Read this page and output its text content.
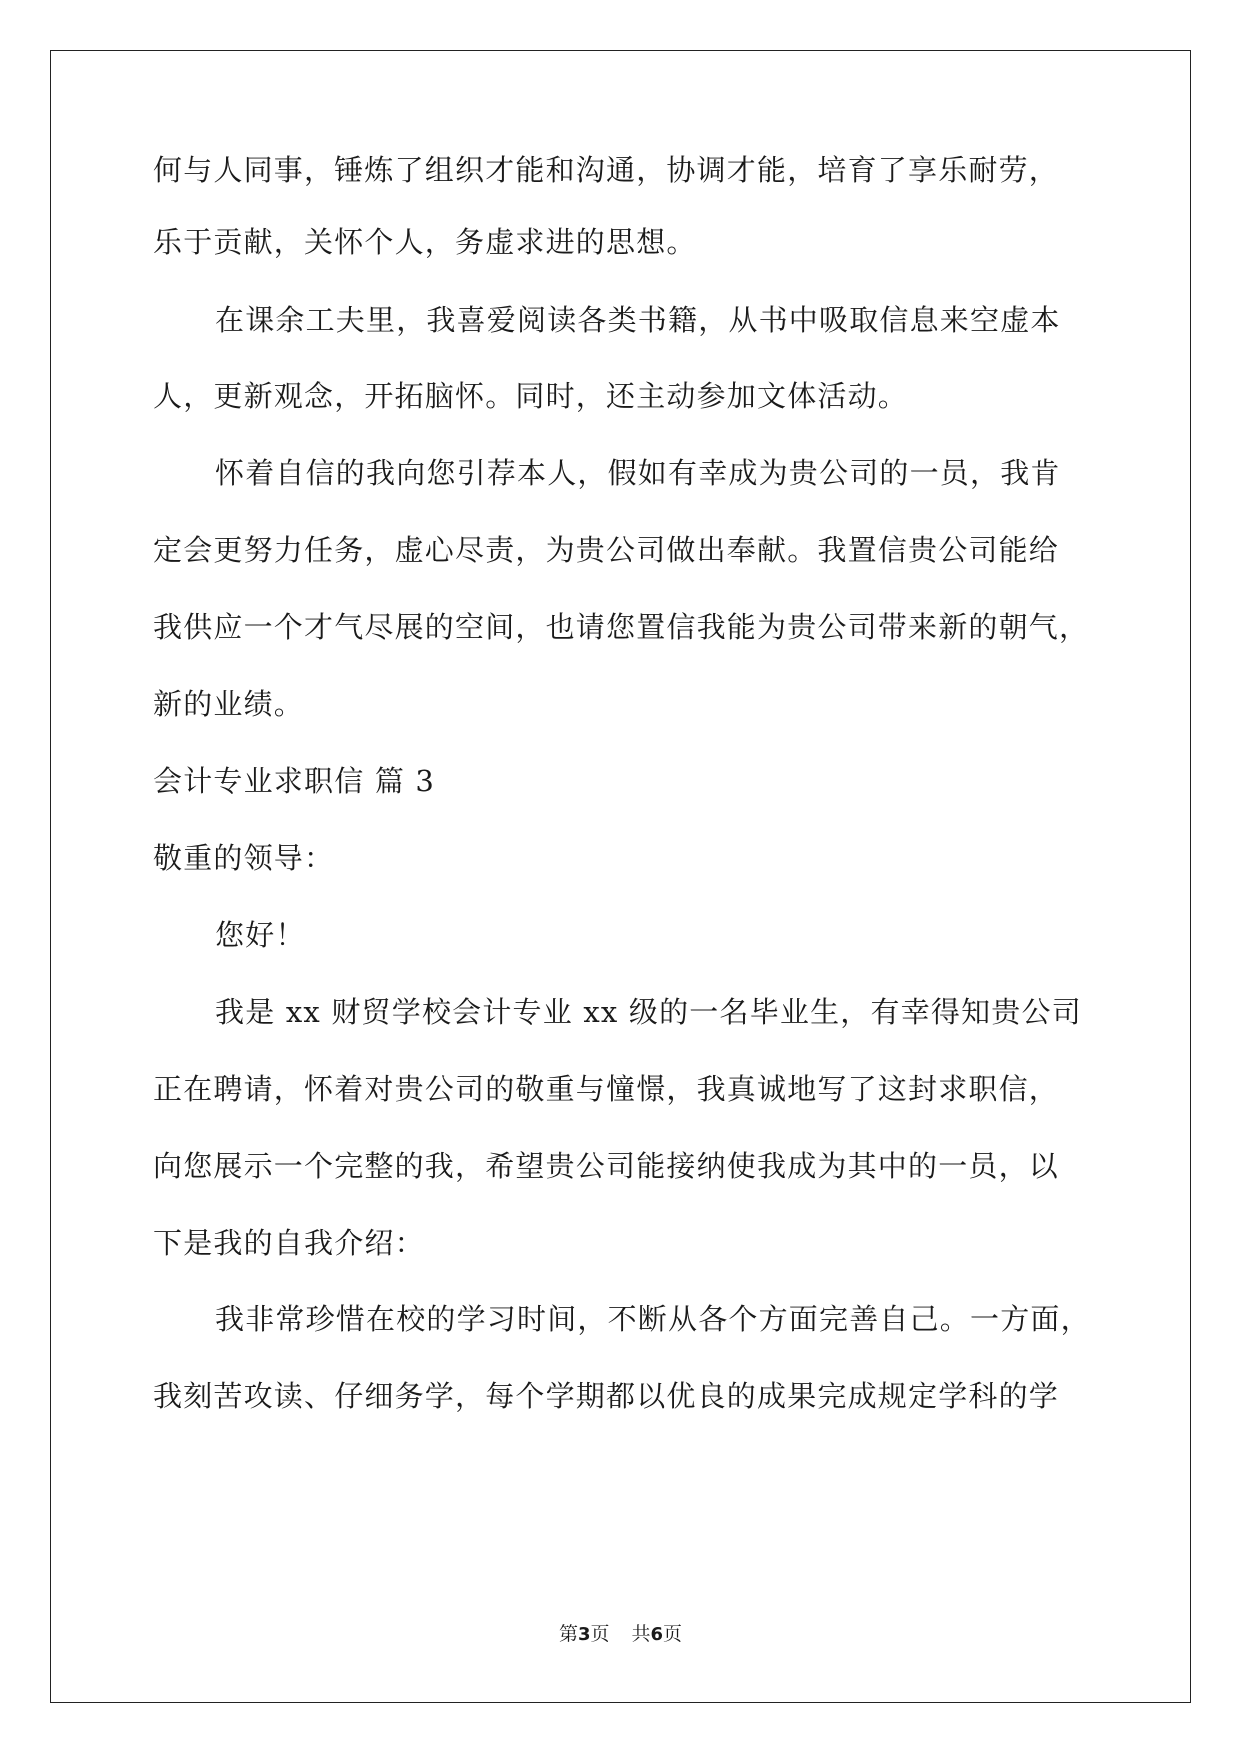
何与人同事，锤炼了组织才能和沟通，协调才能，培育了享乐耐劳，
乐于贡献，关怀个人，务虚求进的思想。
在课余工夫里，我喜爱阅读各类书籍，从书中吸取信息来空虚本
人，更新观念，开拓脑怀。同时，还主动参加文体活动。
怀着自信的我向您引荐本人，假如有幸成为贵公司的一员，我肯
定会更努力任务，虚心尽责，为贵公司做出奉献。我置信贵公司能给
我供应一个才气尽展的空间，也请您置信我能为贵公司带来新的朝气，
新的业绩。
会计专业求职信 篇 3
敬重的领导：
您好！
我是 xx 财贸学校会计专业 xx 级的一名毕业生，有幸得知贵公司
正在聘请，怀着对贵公司的敬重与憧憬，我真诚地写了这封求职信，
向您展示一个完整的我，希望贵公司能接纳使我成为其中的一员，以
下是我的自我介绍：
我非常珍惜在校的学习时间，不断从各个方面完善自己。一方面，
我刻苦攻读、仔细务学，每个学期都以优良的成果完成规定学科的学
第3页 共6页
